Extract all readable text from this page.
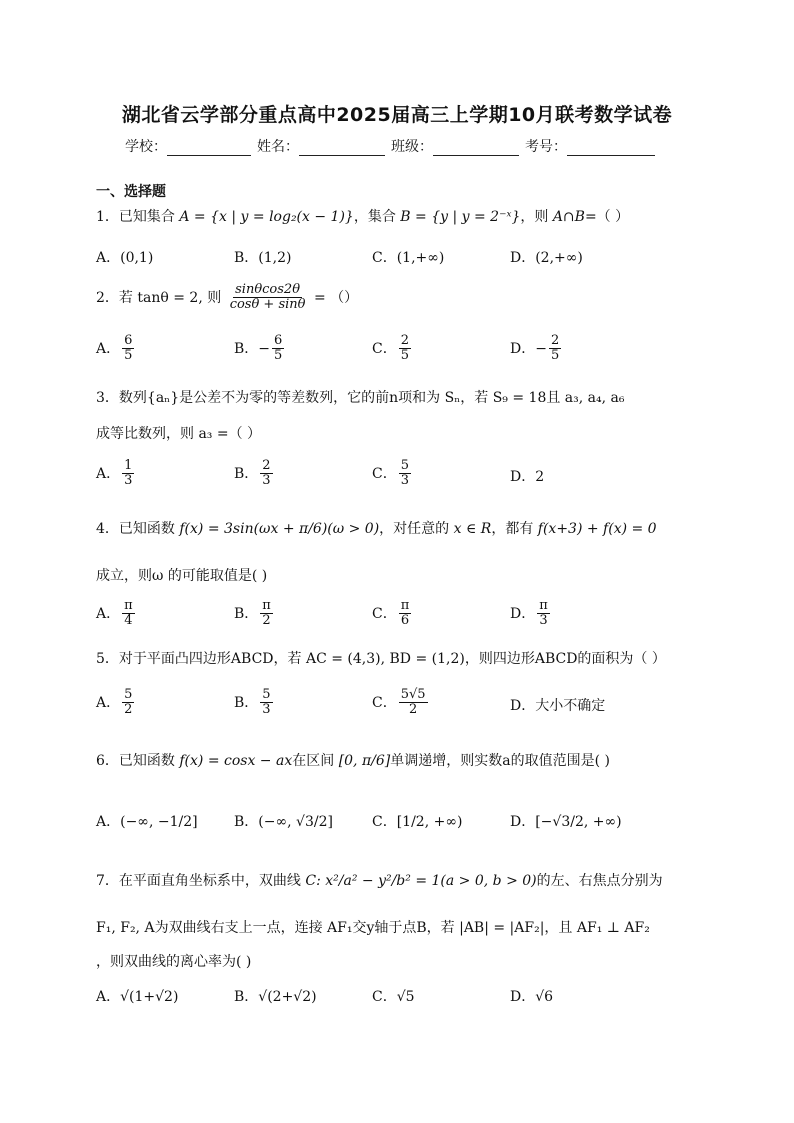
湖北省云学部分重点高中2025届高三上学期10月联考数学试卷
学校：	姓名：	班级：	考号：
一、选择题
1．已知集合 A = {x | y = log₂(x − 1)}，集合 B = {y | y = 2⁻ˣ}，则 A∩B=（ ）
A．(0,1)	B．(1,2)	C．(1,+∞)	D．(2,+∞)
2．若 tanθ = 2, 则 $\frac{\sin\theta\cos 2\theta}{\cos\theta + \sin\theta}$ = （）
A． $\frac{6}{5}$	B．− $\frac{6}{5}$	C． $\frac{2}{5}$	D．− $\frac{2}{5}$
3．数列{aₙ}是公差不为零的等差数列，它的前n项和为 Sₙ，若 S₉ = 18且 a₃, a₄, a₆
成等比数列，则 a₃ =（ ）
A． $\frac{1}{3}$	B． $\frac{2}{3}$	C． $\frac{5}{3}$	D．2
4．已知函数 f(x) = 3sin(ωx + π/6)(ω > 0)，对任意的 x ∈ R，都有 f(x+3) + f(x) = 0
成立，则ω 的可能取值是( )
A． $\frac{\pi}{4}$	B． $\frac{\pi}{2}$	C． $\frac{\pi}{6}$	D． $\frac{\pi}{3}$
5．对于平面凸四边形ABCD，若 AC = (4,3), BD = (1,2)，则四边形ABCD的面积为（ ）
A． $\frac{5}{2}$	B． $\frac{5}{3}$	C． $\frac{5√5}{2}$	D．大小不确定
6．已知函数 f(x) = cosx − ax在区间 [0, π/6]单调递增，则实数a的取值范围是( )
A．(−∞, −1/2]	B．(−∞, √3/2]	C．[1/2, +∞)	D．[−√3/2, +∞)
7．在平面直角坐标系中，双曲线 C: x²/a² − y²/b² = 1(a > 0, b > 0)的左、右焦点分别为
F₁, F₂, A为双曲线右支上一点，连接 AF₁交y轴于点B，若 |AB| = |AF₂|，且 AF₁ ⊥ AF₂
，则双曲线的离心率为( )
A．√(1+√2)	B．√(2+√2)	C．√5	D．√6
